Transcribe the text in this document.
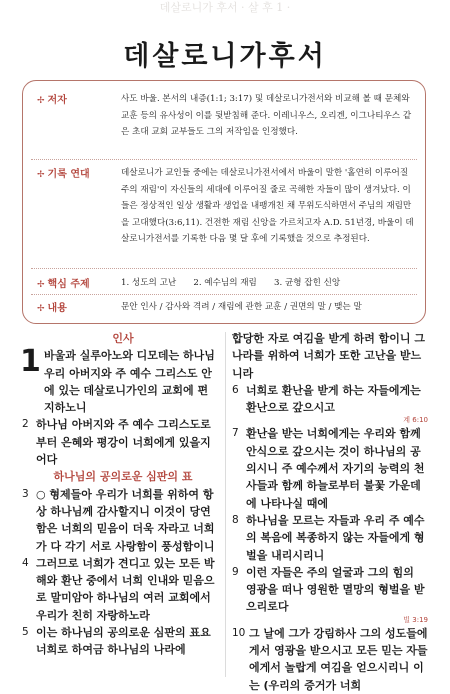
데살로니가 후서 · 살 후 1 ·
데살로니가후서
✢ 저자	사도 바울. 본서의 내증(1:1; 3:17) 및 데살로니가전서와 비교해 볼 때 문체와 교훈 등의 유사성이 이를 뒷받침해 준다. 이레니우스, 오리겐, 이그나티우스 같은 초대 교회 교부들도 그의 저작임을 인정했다.
✢ 기록 연대	데살로니가 교인들 중에는 데살로니가전서에서 바울이 말한 '홀연히 이루어질 주의 재림'이 자신들의 세대에 이루어질 줄로 곡해한 자들이 많이 생겨났다. 이들은 정상적인 일상 생활과 생업을 내팽개친 채 무위도식하면서 주님의 재림만을 고대했다(3:6,11). 건전한 재림 신앙을 가르치고자 A.D. 51년경, 바울이 데살로니가전서를 기록한 다음 몇 달 후에 기록했을 것으로 추정된다.
✢ 핵심 주제	1. 성도의 고난　　2. 예수님의 재림　　3. 균형 잡힌 신앙
✢ 내용	문안 인사 / 감사와 격려 / 재림에 관한 교훈 / 권면의 말 / 맺는 말

인사

1 바울과 실루아노와 디모데는 하나님 우리 아버지와 주 예수 그리스도 안에 있는 데살로니가인의 교회에 편지하노니

2 하나님 아버지와 주 예수 그리스도로부터 은혜와 평강이 너희에게 있을지어다

하나님의 공의로운 심판의 표

3 ○ 형제들아 우리가 너희를 위하여 항상 하나님께 감사할지니 이것이 당연함은 너희의 믿음이 더욱 자라고 너희가 다 각기 서로 사랑함이 풍성함이니

4 그러므로 너희가 견디고 있는 모든 박해와 환난 중에서 너희 인내와 믿음으로 말미암아 하나님의 여러 교회에서 우리가 친히 자랑하노라

5 이는 하나님의 공의로운 심판의 표요 너희로 하여금 하나님의 나라에

합당한 자로 여김을 받게 하려 함이니 그 나라를 위하여 너희가 또한 고난을 받느니라

6 너희로 환난을 받게 하는 자들에게는 환난으로 갚으시고

계 6:10

7 환난을 받는 너희에게는 우리와 함께 안식으로 갚으시는 것이 하나님의 공의시니 주 예수께서 자기의 능력의 천사들과 함께 하늘로부터 불꽃 가운데에 나타나실 때에

8 하나님을 모르는 자들과 우리 주 예수의 복음에 복종하지 않는 자들에게 형벌을 내리시리니

9 이런 자들은 주의 얼굴과 그의 힘의 영광을 떠나 영원한 멸망의 형벌을 받으리로다

빌 3:19

10 그 날에 그가 강림하사 그의 성도들에게서 영광을 받으시고 모든 믿는 자들에게서 놀랍게 여김을 얻으시리니 이는 (우리의 증거가 너희
